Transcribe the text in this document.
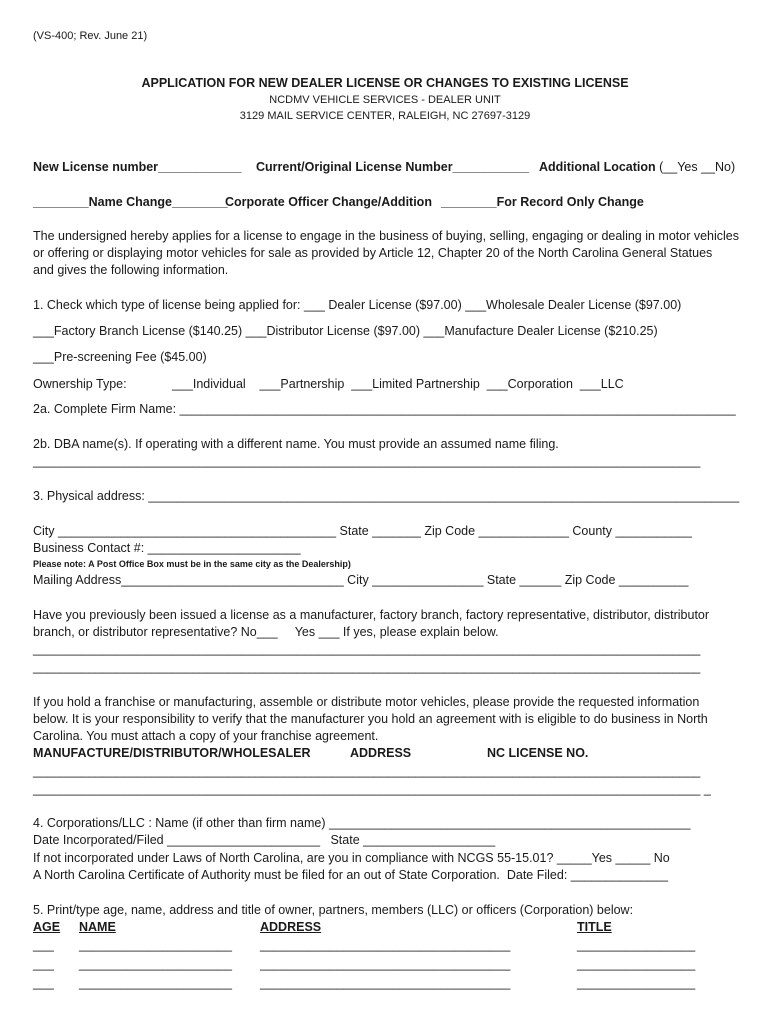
(VS-400; Rev. June 21)
APPLICATION FOR NEW DEALER LICENSE OR CHANGES TO EXISTING LICENSE
NCDMV VEHICLE SERVICES - DEALER UNIT
3129 MAIL SERVICE CENTER, RALEIGH, NC 27697-3129
New License number____________ Current/Original License Number___________ Additional Location (__Yes __No)
________Name Change________
Corporate Officer Change/Addition ________For Record Only Change
The undersigned hereby applies for a license to engage in the business of buying, selling, engaging or dealing in motor vehicles
or offering or displaying motor vehicles for sale as provided by Article 12, Chapter 20 of the North Carolina General Statues
and gives the following information.
1. Check which type of license being applied for: ___ Dealer License ($97.00) ___Wholesale Dealer License ($97.00)
___Factory Branch License ($140.25) ___Distributor License ($97.00) ___Manufacture Dealer License ($210.25)
___Pre-screening Fee ($45.00)
Ownership Type:	___Individual    ___Partnership  ___Limited Partnership  ___Corporation  ___LLC
2a. Complete Firm Name: ________________________________________________________________________________
2b. DBA name(s). If operating with a different name. You must provide an assumed name filing.
________________________________________________________________________________________________
3. Physical address: _____________________________________________________________________________________
City ________________________________________ State _______ Zip Code _____________ County ___________
Business Contact #: ______________________
Please note: A Post Office Box must be in the same city as the Dealership)
Mailing Address________________________________ City ________________ State ______ Zip Code __________
Have you previously been issued a license as a manufacturer, factory branch, factory representative, distributor, distributor
branch, or distributor representative? No___     Yes ___ If yes, please explain below.
________________________________________________________________________________________________
________________________________________________________________________________________________
If you hold a franchise or manufacturing, assemble or distribute motor vehicles, please provide the requested information
below. It is your responsibility to verify that the manufacturer you hold an agreement with is eligible to do business in North
Carolina. You must attach a copy of your franchise agreement.
MANUFACTURE/DISTRIBUTOR/WHOLESALER	ADDRESS	NC LICENSE NO.
________________________________________________________________________________________________
________________________________________________________________________________________________ _
4. Corporations/LLC : Name (if other than firm name) ____________________________________________________
Date Incorporated/Filed ______________________   State ___________________
If not incorporated under Laws of North Carolina, are you in compliance with NCGS 55-15.01? _____Yes _____ No
A North Carolina Certificate of Authority must be filed for an out of State Corporation.  Date Filed: ______________
5. Print/type age, name, address and title of owner, partners, members (LLC) or officers (Corporation) below:
AGE NAME	ADDRESS	TITLE
___ ______________________ ____________________________________	_________________
___ ______________________ ____________________________________	_________________
___ ______________________ ____________________________________	_________________
